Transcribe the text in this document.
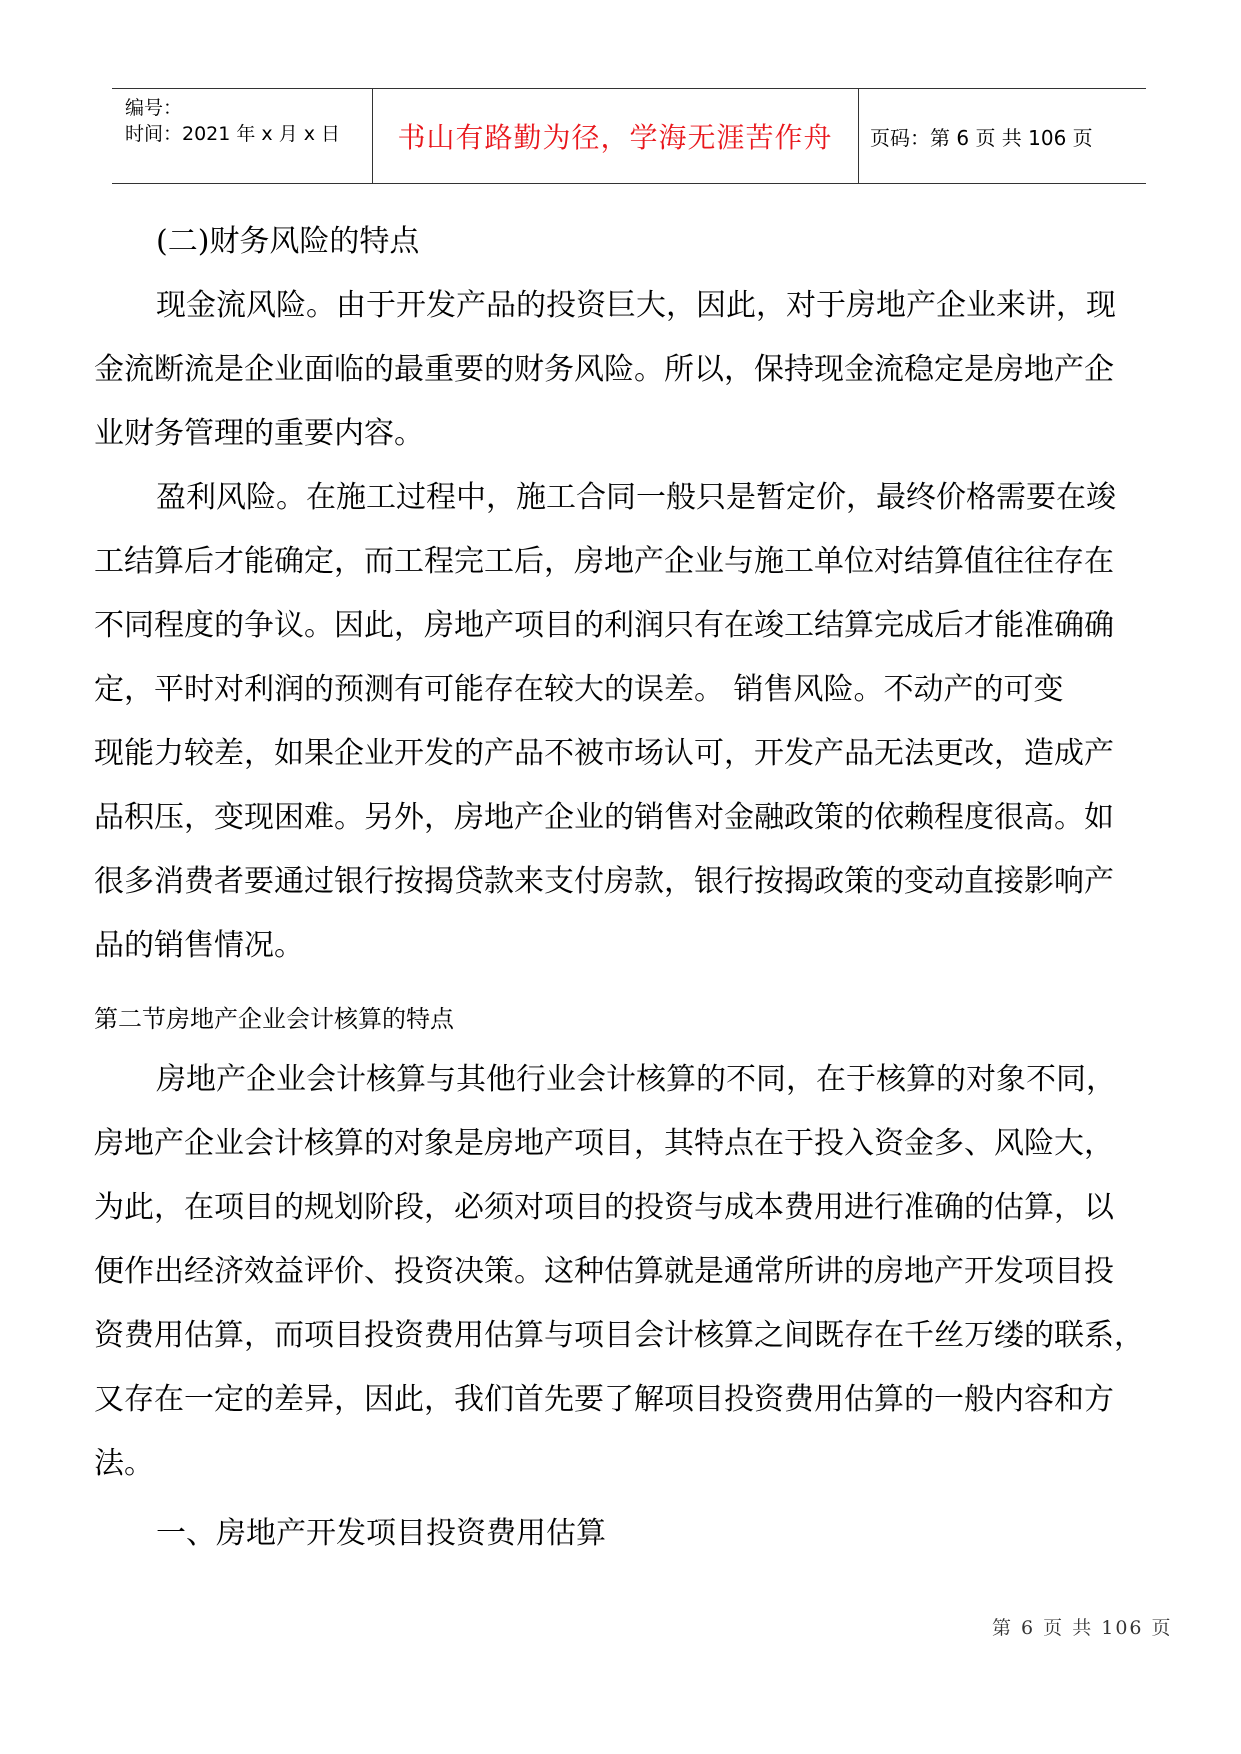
编号：
时间：2021 年 x 月 x 日	书山有路勤为径，学海无涯苦作舟	页码：第 6 页 共 106 页
(二)财务风险的特点
现金流风险。由于开发产品的投资巨大，因此，对于房地产企业来讲，现
金流断流是企业面临的最重要的财务风险。所以，保持现金流稳定是房地产企
业财务管理的重要内容。
盈利风险。在施工过程中，施工合同一般只是暂定价，最终价格需要在竣
工结算后才能确定，而工程完工后，房地产企业与施工单位对结算值往往存在
不同程度的争议。因此，房地产项目的利润只有在竣工结算完成后才能准确确
定，平时对利润的预测有可能存在较大的误差。 销售风险。不动产的可变
现能力较差，如果企业开发的产品不被市场认可，开发产品无法更改，造成产
品积压，变现困难。另外，房地产企业的销售对金融政策的依赖程度很高。如
很多消费者要通过银行按揭贷款来支付房款，银行按揭政策的变动直接影响产
品的销售情况。
第二节房地产企业会计核算的特点
房地产企业会计核算与其他行业会计核算的不同，在于核算的对象不同，
房地产企业会计核算的对象是房地产项目，其特点在于投入资金多、风险大，
为此，在项目的规划阶段，必须对项目的投资与成本费用进行准确的估算，以
便作出经济效益评价、投资决策。这种估算就是通常所讲的房地产开发项目投
资费用估算，而项目投资费用估算与项目会计核算之间既存在千丝万缕的联系，
又存在一定的差异，因此，我们首先要了解项目投资费用估算的一般内容和方
法。
一、房地产开发项目投资费用估算
第 6 页 共 106 页
